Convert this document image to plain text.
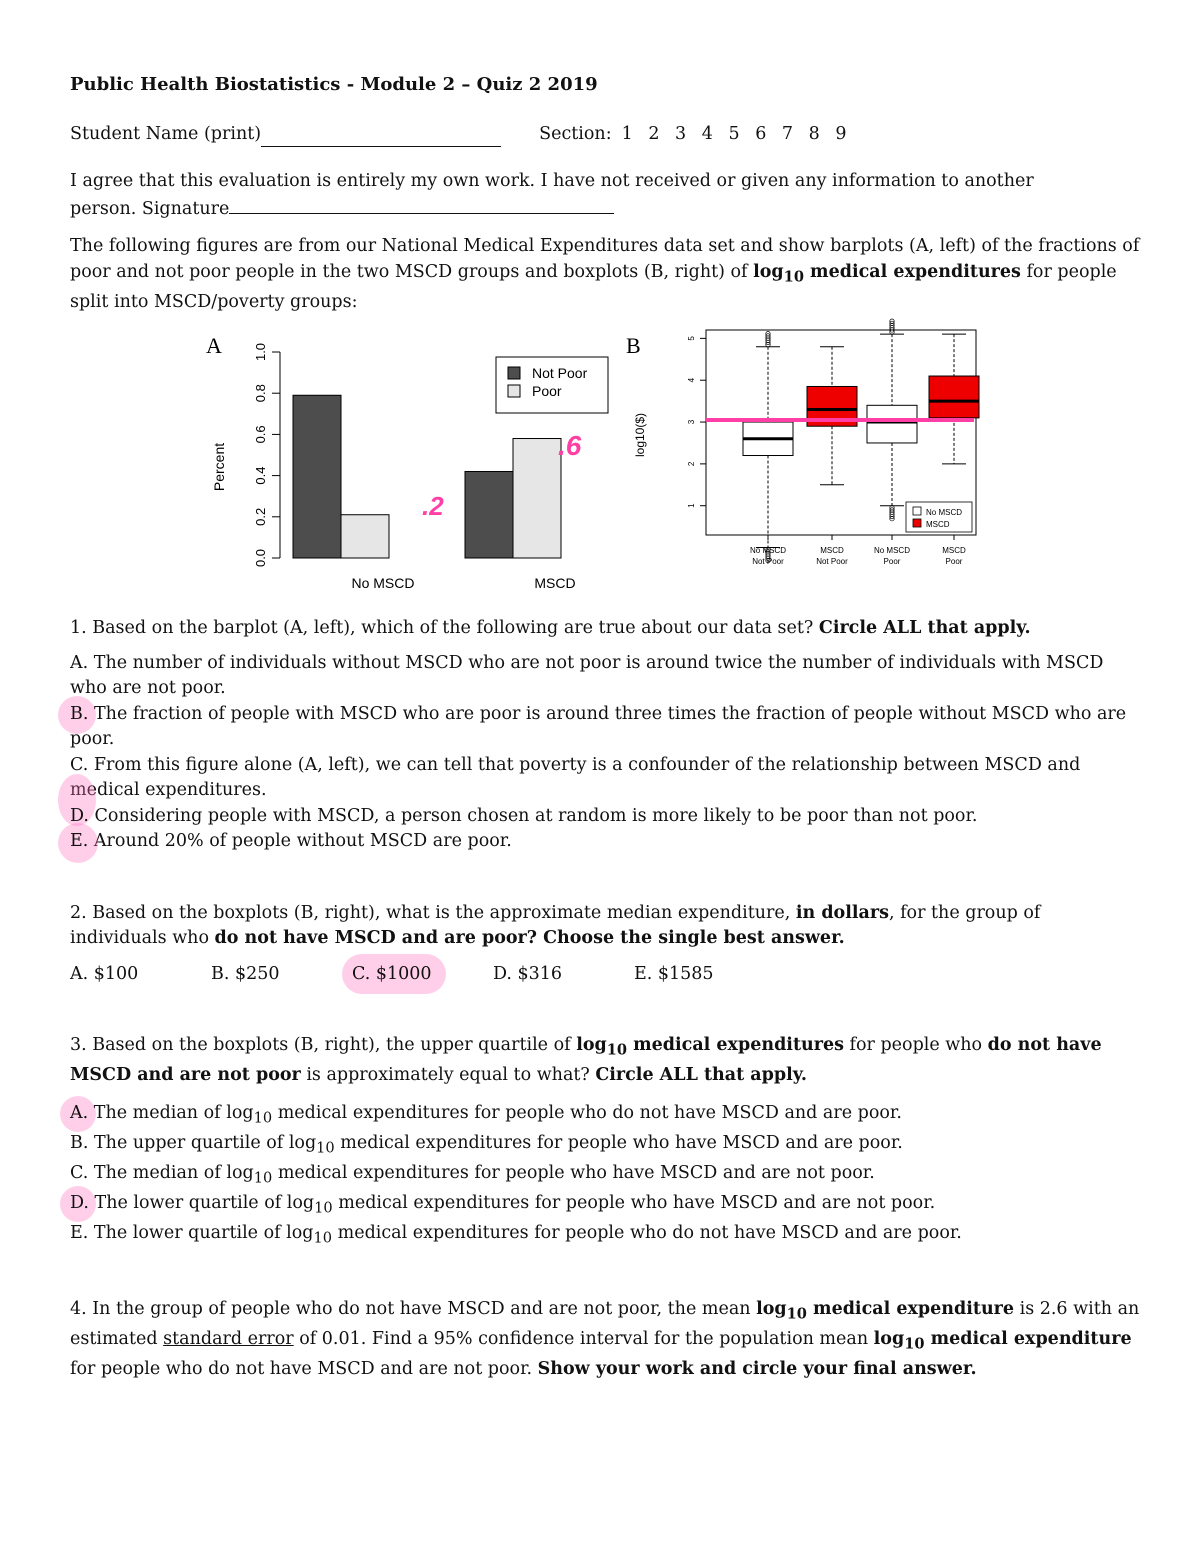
Public Health Biostatistics - Module 2 – Quiz 2 2019
Student Name (print)	Section: 1 2 3 4 5 6 7 8 9

I agree that this evaluation is entirely my own work. I have not received or given any information to another

person. Signature

The following figures are from our National Medical Expenditures data set and show barplots (A, left) of the fractions of poor and not poor people in the two MSCD groups and boxplots (B, right) of $\log_{10}$ medical expenditures for people split into MSCD/poverty groups:

A
Percent
0.0
0.2
0.4
0.6
0.8
1.0
No MSCD	MSCD
.2
Not Poor
Poor
.6
B
log10($)
1
2
3
4
5
No MSCD
Not Poor
MSCD
Not Poor
No MSCD
Poor
MSCD
Poor
No MSCD
MSCD

1. Based on the barplot (A, left), which of the following are true about our data set? Circle ALL that apply.

A. The number of individuals without MSCD who are not poor is around twice the number of individuals with MSCD who are not poor.

B. The fraction of people with MSCD who are poor is around three times the fraction of people without MSCD who are poor.

C. From this figure alone (A, left), we can tell that poverty is a confounder of the relationship between MSCD and medical expenditures.

D. Considering people with MSCD, a person chosen at random is more likely to be poor than not poor.

E. Around 20% of people without MSCD are poor.

2. Based on the boxplots (B, right), what is the approximate median expenditure, in dollars, for the group of individuals who do not have MSCD and are poor? Choose the single best answer.

A. $100	B. $250	C. $1000	D. $316	E. $1585

3. Based on the boxplots (B, right), the upper quartile of $\log_{10}$ medical expenditures for people who do not have MSCD and are not poor is approximately equal to what? Circle ALL that apply.

A. The median of $\log_{10}$ medical expenditures for people who do not have MSCD and are poor.

B. The upper quartile of $\log_{10}$ medical expenditures for people who have MSCD and are poor.

C. The median of $\log_{10}$ medical expenditures for people who have MSCD and are not poor.

D. The lower quartile of $\log_{10}$ medical expenditures for people who have MSCD and are not poor.

E. The lower quartile of $\log_{10}$ medical expenditures for people who do not have MSCD and are poor.

4. In the group of people who do not have MSCD and are not poor, the mean $\log_{10}$ medical expenditure is 2.6 with an estimated standard error of 0.01. Find a 95% confidence interval for the population mean $\log_{10}$ medical expenditure for people who do not have MSCD and are not poor. Show your work and circle your final answer.
